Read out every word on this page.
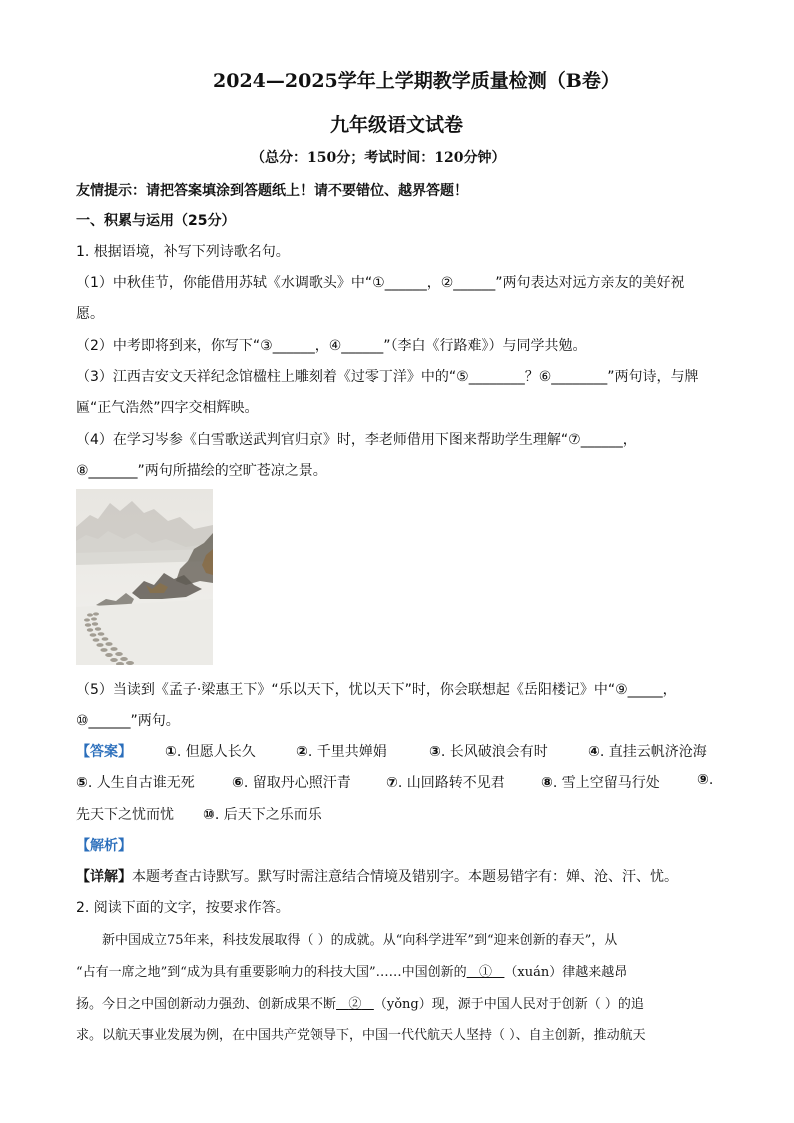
2024—2025学年上学期教学质量检测（B卷）
九年级语文试卷
（总分：150分；考试时间：120分钟）
友情提示：请把答案填涂到答题纸上！请不要错位、越界答题！
一、积累与运用（25分）
1. 根据语境，补写下列诗歌名句。
（1）中秋佳节，你能借用苏轼《水调歌头》中“①______，②______”两句表达对远方亲友的美好祝
愿。
（2）中考即将到来，你写下“③______，④______”（李白《行路难》）与同学共勉。
（3）江西吉安文天祥纪念馆楹柱上雕刻着《过零丁洋》中的“⑤________？⑥________”两句诗，与牌
匾“正气浩然”四字交相辉映。
（4）在学习岑参《白雪歌送武判官归京》时，李老师借用下图来帮助学生理解“⑦______，
⑧_______”两句所描绘的空旷苍凉之景。
（5）当读到《孟子·梁惠王下》“乐以天下，忧以天下”时，你会联想起《岳阳楼记》中“⑨_____，
⑩______”两句。
【答案】 ①. 但愿人长久	②. 千里共婵娟	③. 长风破浪会有时	④. 直挂云帆济沧海
⑤. 人生自古谁无死	⑥. 留取丹心照汗青	⑦. 山回路转不见君	⑧. 雪上空留马行处	⑨.
先天下之忧而忧 ⑩. 后天下之乐而乐
【解析】
【详解】本题考查古诗默写。默写时需注意结合情境及错别字。本题易错字有：婵、沧、汗、忧。
2. 阅读下面的文字，按要求作答。
新中国成立75年来，科技发展取得（ ）的成就。从“向科学进军”到“迎来创新的春天”，从
“占有一席之地”到“成为具有重要影响力的科技大国”……中国创新的 ① （xuán）律越来越昂
扬。今日之中国创新动力强劲、创新成果不断 ② （yǒng）现，源于中国人民对于创新（ ）的追
求。以航天事业发展为例，在中国共产党领导下，中国一代代航天人坚持（ ）、自主创新，推动航天
